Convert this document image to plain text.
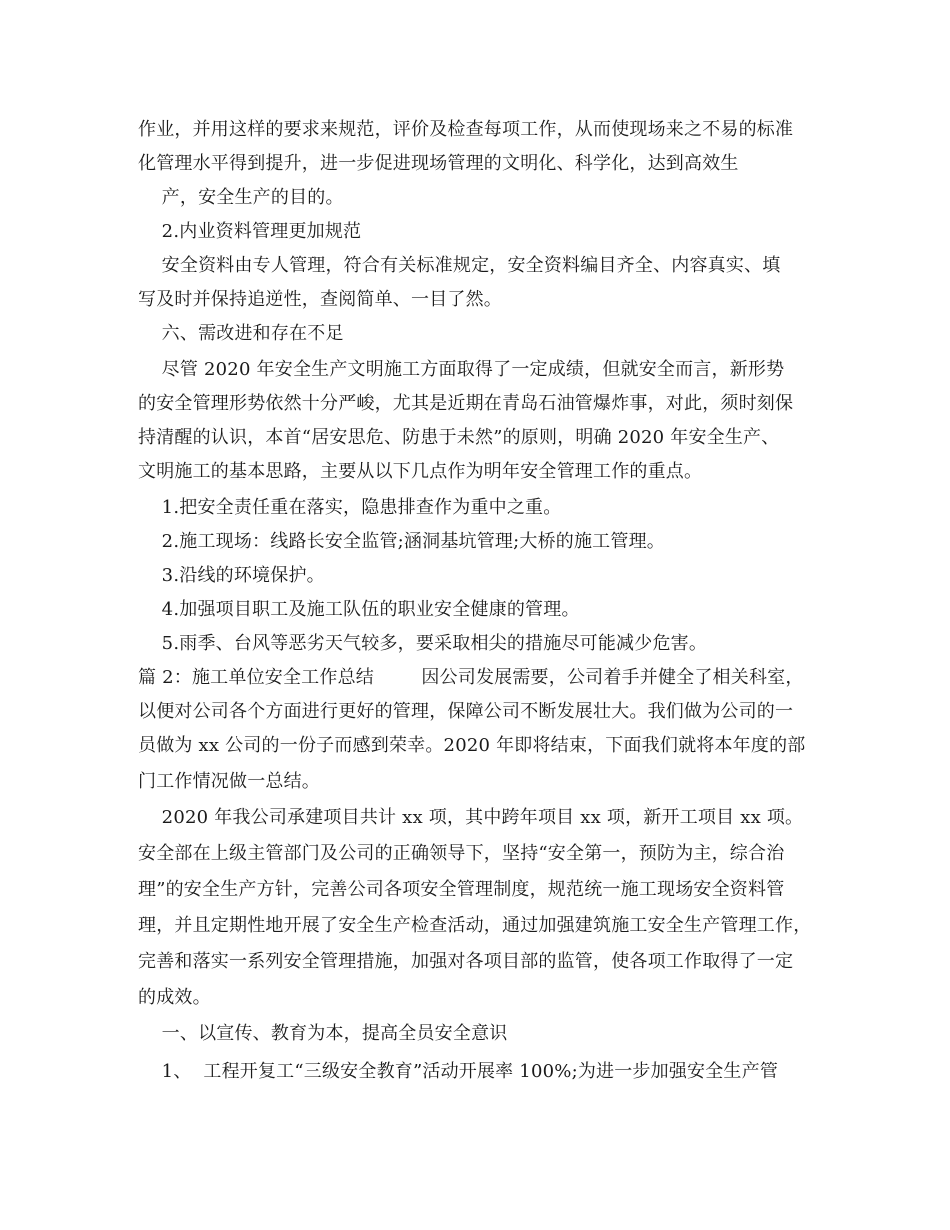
作业，并用这样的要求来规范，评价及检查每项工作，从而使现场来之不易的标准
化管理水平得到提升，进一步促进现场管理的文明化、科学化，达到高效生
产，安全生产的目的。
2.内业资料管理更加规范
安全资料由专人管理，符合有关标准规定，安全资料编目齐全、内容真实、填
写及时并保持追逆性，查阅简单、一目了然。
六、需改进和存在不足
尽管 2020 年安全生产文明施工方面取得了一定成绩，但就安全而言，新形势
的安全管理形势依然十分严峻，尤其是近期在青岛石油管爆炸事，对此，须时刻保
持清醒的认识，本首“居安思危、防患于未然”的原则，明确 2020 年安全生产、
文明施工的基本思路，主要从以下几点作为明年安全管理工作的重点。
1.把安全责任重在落实，隐患排查作为重中之重。
2.施工现场：线路长安全监管;涵洞基坑管理;大桥的施工管理。
3.沿线的环境保护。
4.加强项目职工及施工队伍的职业安全健康的管理。
5.雨季、台风等恶劣天气较多，要采取相尖的措施尽可能减少危害。
篇 2：施工单位安全工作总结        因公司发展需要，公司着手并健全了相关科室，
以便对公司各个方面进行更好的管理，保障公司不断发展壮大。我们做为公司的一
员做为 xx 公司的一份子而感到荣幸。2020 年即将结束，下面我们就将本年度的部
门工作情况做一总结。
2020 年我公司承建项目共计 xx 项，其中跨年项目 xx 项，新开工项目 xx 项。
安全部在上级主管部门及公司的正确领导下，坚持“安全第一，预防为主，综合治
理”的安全生产方针，完善公司各项安全管理制度，规范统一施工现场安全资料管
理，并且定期性地开展了安全生产检查活动，通过加强建筑施工安全生产管理工作，
完善和落实一系列安全管理措施，加强对各项目部的监管，使各项工作取得了一定
的成效。
一、以宣传、教育为本，提高全员安全意识
1、  工程开复工“三级安全教育”活动开展率 100%;为进一步加强安全生产管
